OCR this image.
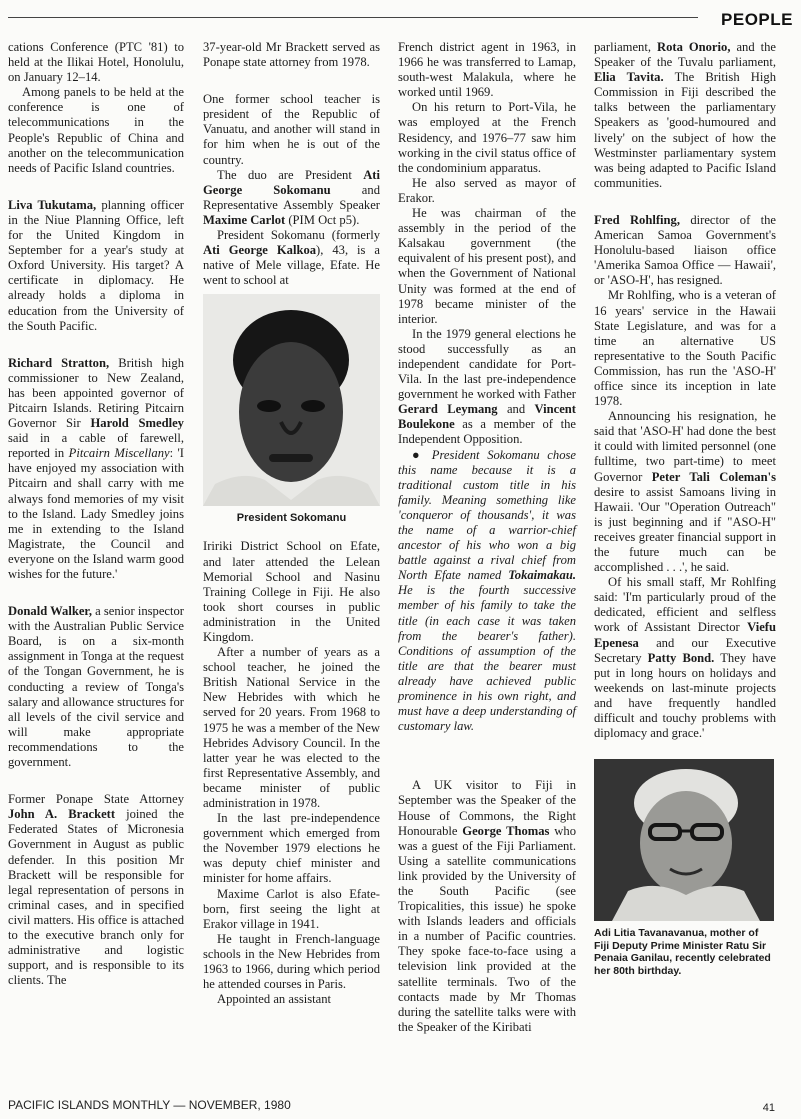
PEOPLE

cations Conference (PTC '81) to held at the Ilikai Hotel, Honolulu, on January 12–14.

Among panels to be held at the conference is one of telecommunications in the People's Republic of China and another on the telecommunication needs of Pacific Island countries.

Liva Tukutama, planning officer in the Niue Planning Office, left for the United Kingdom in September for a year's study at Oxford University. His target? A certificate in diplomacy. He already holds a diploma in education from the University of the South Pacific.

Richard Stratton, British high commissioner to New Zealand, has been appointed governor of Pitcairn Islands. Retiring Pitcairn Governor Sir Harold Smedley said in a cable of farewell, reported in Pitcairn Miscellany: 'I have enjoyed my association with Pitcairn and shall carry with me always fond memories of my visit to the Island. Lady Smedley joins me in extending to the Island Magistrate, the Council and everyone on the Island warm good wishes for the future.'

Donald Walker, a senior inspector with the Australian Public Service Board, is on a six-month assignment in Tonga at the request of the Tongan Government, he is conducting a review of Tonga's salary and allowance structures for all levels of the civil service and will make appropriate recommendations to the government.

Former Ponape State Attorney John A. Brackett joined the Federated States of Micronesia Government in August as public defender. In this position Mr Brackett will be responsible for legal representation of persons in criminal cases, and in specified civil matters. His office is attached to the executive branch only for administrative and logistic support, and is responsible to its clients. The

37-year-old Mr Brackett served as Ponape state attorney from 1978.

One former school teacher is president of the Republic of Vanuatu, and another will stand in for him when he is out of the country.

The duo are President Ati George Sokomanu and Representative Assembly Speaker Maxime Carlot (PIM Oct p5).

President Sokomanu (formerly Ati George Kalkoa), 43, is a native of Mele village, Efate. He went to school at

President Sokomanu

Iririki District School on Efate, and later attended the Lelean Memorial School and Nasinu Training College in Fiji. He also took short courses in public administration in the United Kingdom.

After a number of years as a school teacher, he joined the British National Service in the New Hebrides with which he served for 20 years. From 1968 to 1975 he was a member of the New Hebrides Advisory Council. In the latter year he was elected to the first Representative Assembly, and became minister of public administration in 1978.

In the last pre-independence government which emerged from the November 1979 elections he was deputy chief minister and minister for home affairs.

Maxime Carlot is also Efate-born, first seeing the light at Erakor village in 1941.

He taught in French-language schools in the New Hebrides from 1963 to 1966, during which period he attended courses in Paris.

Appointed an assistant

French district agent in 1963, in 1966 he was transferred to Lamap, south-west Malakula, where he worked until 1969.

On his return to Port-Vila, he was employed at the French Residency, and 1976–77 saw him working in the civil status office of the condominium apparatus.

He also served as mayor of Erakor.

He was chairman of the assembly in the period of the Kalsakau government (the equivalent of his present post), and when the Government of National Unity was formed at the end of 1978 became minister of the interior.

In the 1979 general elections he stood successfully as an independent candidate for Port-Vila. In the last pre-independence government he worked with Father Gerard Leymang and Vincent Boulekone as a member of the Independent Opposition.

● President Sokomanu chose this name because it is a traditional custom title in his family. Meaning something like 'conqueror of thousands', it was the name of a warrior-chief ancestor of his who won a big battle against a rival chief from North Efate named Tokaimakau. He is the fourth successive member of his family to take the title (in each case it was taken from the bearer's father). Conditions of assumption of the title are that the bearer must already have achieved public prominence in his own right, and must have a deep understanding of customary law.

A UK visitor to Fiji in September was the Speaker of the House of Commons, the Right Honourable George Thomas who was a guest of the Fiji Parliament. Using a satellite communications link provided by the University of the South Pacific (see Tropicalities, this issue) he spoke with Islands leaders and officials in a number of Pacific countries. They spoke face-to-face using a television link provided at the satellite terminals. Two of the contacts made by Mr Thomas during the satellite talks were with the Speaker of the Kiribati

parliament, Rota Onorio, and the Speaker of the Tuvalu parliament, Elia Tavita. The British High Commission in Fiji described the talks between the parliamentary Speakers as 'good-humoured and lively' on the subject of how the Westminster parliamentary system was being adapted to Pacific Island communities.

Fred Rohlfing, director of the American Samoa Government's Honolulu-based liaison office 'Amerika Samoa Office — Hawaii', or 'ASO-H', has resigned.

Mr Rohlfing, who is a veteran of 16 years' service in the Hawaii State Legislature, and was for a time an alternative US representative to the South Pacific Commission, has run the 'ASO-H' office since its inception in late 1978.

Announcing his resignation, he said that 'ASO-H' had done the best it could with limited personnel (one fulltime, two part-time) to meet Governor Peter Tali Coleman's desire to assist Samoans living in Hawaii. 'Our "Operation Outreach" is just beginning and if "ASO-H" receives greater financial support in the future much can be accomplished . . .', he said.

Of his small staff, Mr Rohlfing said: 'I'm particularly proud of the dedicated, efficient and selfless work of Assistant Director Viefu Epenesa and our Executive Secretary Patty Bond. They have put in long hours on holidays and weekends on last-minute projects and have frequently handled difficult and touchy problems with diplomacy and grace.'

Adi Litia Tavanavanua, mother of Fiji Deputy Prime Minister Ratu Sir Penaia Ganilau, recently celebrated her 80th birthday.
PACIFIC ISLANDS MONTHLY — NOVEMBER, 1980	41
